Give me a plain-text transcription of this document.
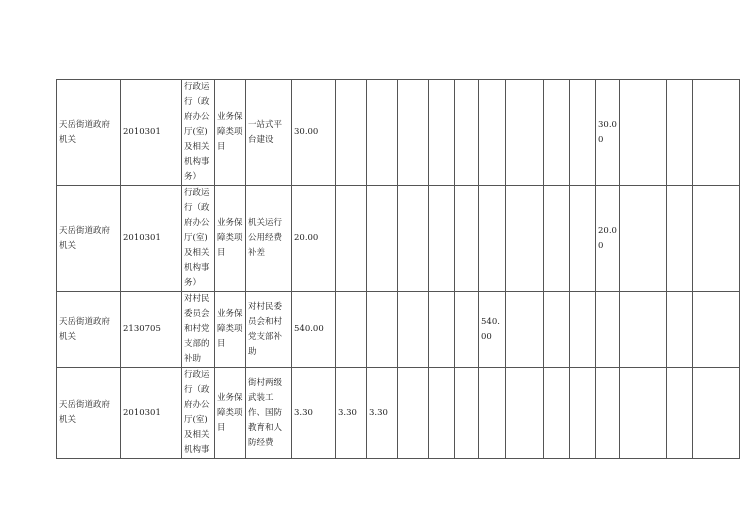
天岳街道政府机关	2010301	行政运行（政府办公厅(室)及相关机构事务）	业务保障类项目	一站式平台建设	30.00										30.00			
天岳街道政府机关	2010301	行政运行（政府办公厅(室)及相关机构事务）	业务保障类项目	机关运行公用经费补差	20.00										20.00			
天岳街道政府机关	2130705	对村民委员会和村党支部的补助	业务保障类项目	对村民委员会和村党支部补助	540.00						540.00							
天岳街道政府机关	2010301	行政运行（政府办公厅(室)及相关机构事	业务保障类项目	街村两级武装工作、国防教育和人防经费	3.30	3.30	3.30											
